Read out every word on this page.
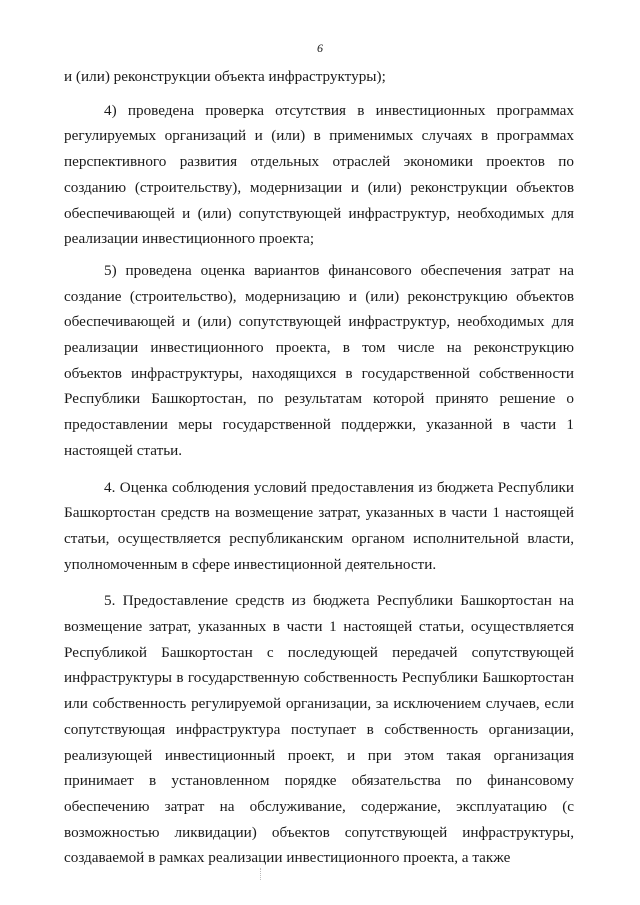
6

и (или) реконструкции объекта инфраструктуры);

4) проведена проверка отсутствия в инвестиционных программах регулируемых организаций и (или) в применимых случаях в программах перспективного развития отдельных отраслей экономики проектов по созданию (строительству), модернизации и (или) реконструкции объектов обеспечивающей и (или) сопутствующей инфраструктур, необходимых для реализации инвестиционного проекта;

5) проведена оценка вариантов финансового обеспечения затрат на создание (строительство), модернизацию и (или) реконструкцию объектов обеспечивающей и (или) сопутствующей инфраструктур, необходимых для реализации инвестиционного проекта, в том числе на реконструкцию объектов инфраструктуры, находящихся в государственной собственности Республики Башкортостан, по результатам которой принято решение о предоставлении меры государственной поддержки, указанной в части 1 настоящей статьи.

4. Оценка соблюдения условий предоставления из бюджета Республики Башкортостан средств на возмещение затрат, указанных в части 1 настоящей статьи, осуществляется республиканским органом исполнительной власти, уполномоченным в сфере инвестиционной деятельности.

5. Предоставление средств из бюджета Республики Башкортостан на возмещение затрат, указанных в части 1 настоящей статьи, осуществляется Республикой Башкортостан с последующей передачей сопутствующей инфраструктуры в государственную собственность Республики Башкортостан или собственность регулируемой организации, за исключением случаев, если сопутствующая инфраструктура поступает в собственность организации, реализующей инвестиционный проект, и при этом такая организация принимает в установленном порядке обязательства по финансовому обеспечению затрат на обслуживание, содержание, эксплуатацию (с возможностью ликвидации) объектов сопутствующей инфраструктуры, создаваемой в рамках реализации инвестиционного проекта, а также
